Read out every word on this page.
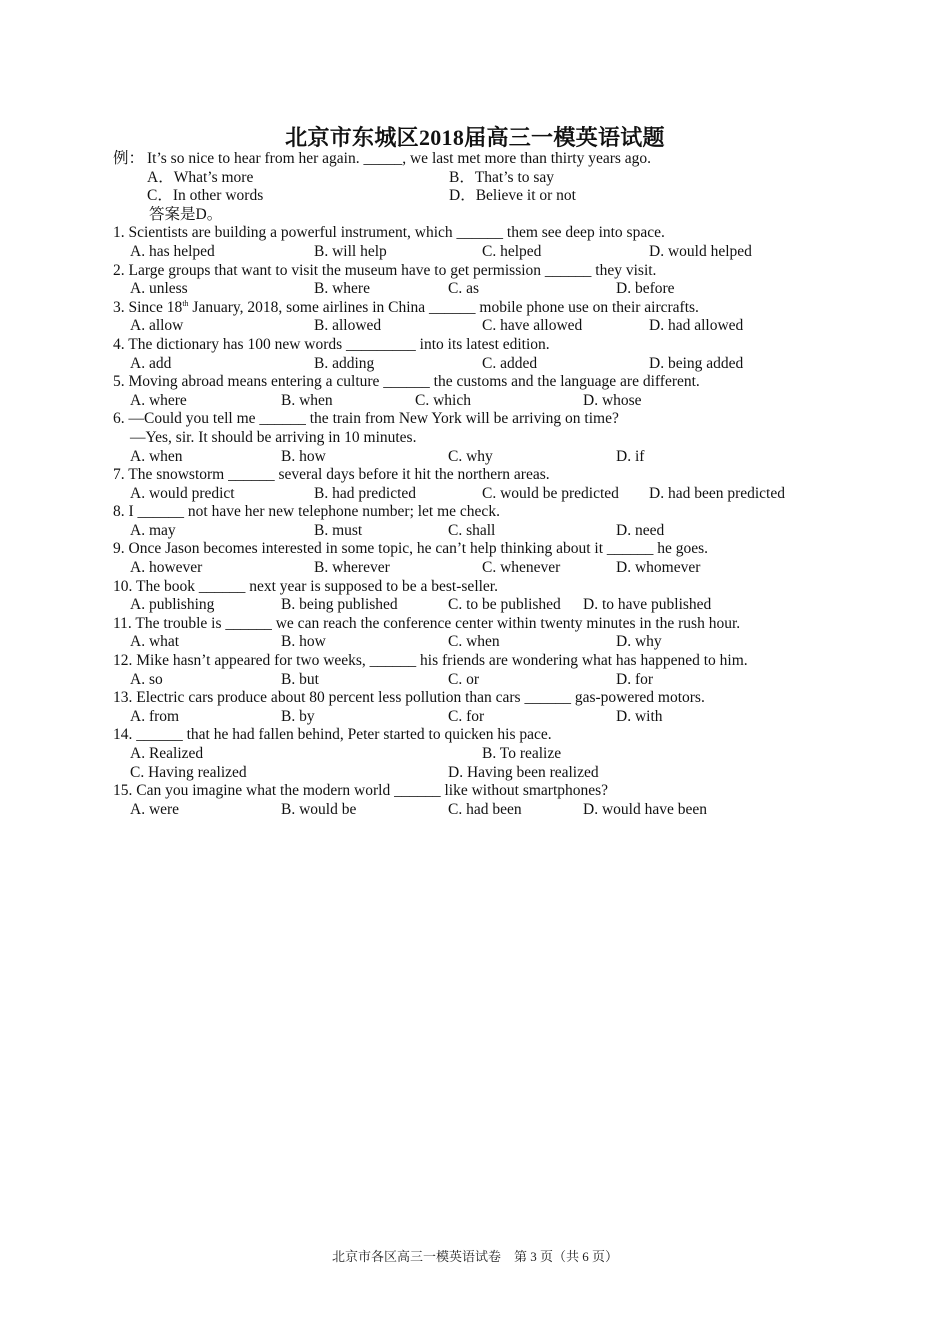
北京市东城区2018届高三一模英语试题
例： It’s so nice to hear from her again. _____, we last met more than thirty years ago.
A．What’s more	B．That’s to say
C．In other words	D．Believe it or not
答案是D。
1. Scientists are building a powerful instrument, which ______ them see deep into space.
A. has helped	B. will help	C. helped	D. would helped
2. Large groups that want to visit the museum have to get permission ______ they visit.
A. unless	B. where	C. as	D. before
3. Since 18th January, 2018, some airlines in China ______ mobile phone use on their aircrafts.
A. allow	B. allowed	C. have allowed	D. had allowed
4. The dictionary has 100 new words _________ into its latest edition.
A. add	B. adding	C. added	D. being added
5. Moving abroad means entering a culture ______ the customs and the language are different.
A. where	B. when	C. which	D. whose
6. —Could you tell me ______ the train from New York will be arriving on time?
—Yes, sir. It should be arriving in 10 minutes.
A. when	B. how	C. why	D. if
7. The snowstorm ______ several days before it hit the northern areas.
A. would predict	B. had predicted	C. would be predicted D. had been predicted
8. I ______ not have her new telephone number; let me check.
A. may	B. must	C. shall	D. need
9. Once Jason becomes interested in some topic, he can’t help thinking about it ______ he goes.
A. however	B. wherever	C. whenever	D. whomever
10. The book ______ next year is supposed to be a best-seller.
A. publishing	B. being published	C. to be published D. to have published
11. The trouble is ______ we can reach the conference center within twenty minutes in the rush hour.
A. what	B. how	C. when	D. why
12. Mike hasn’t appeared for two weeks, ______ his friends are wondering what has happened to him.
A. so	B. but	C. or	D. for
13. Electric cars produce about 80 percent less pollution than cars ______ gas-powered motors.
A. from	B. by	C. for	D. with
14. ______ that he had fallen behind, Peter started to quicken his pace.
A. Realized	B. To realize
C. Having realized	D. Having been realized
15. Can you imagine what the modern world ______ like without smartphones?
A. were	B. would be	C. had been	D. would have been
北京市各区高三一模英语试卷　第 3 页（共 6 页）
